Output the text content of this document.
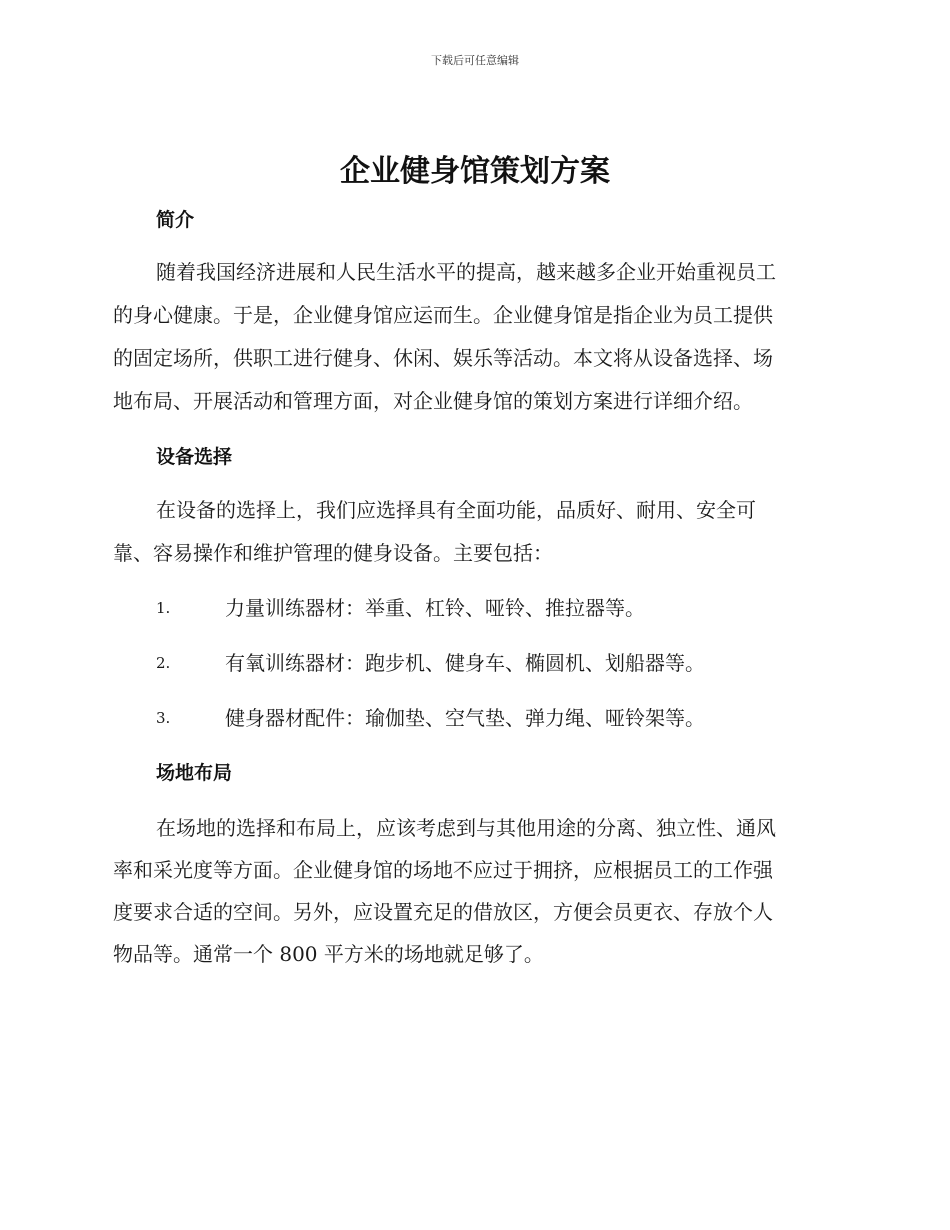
下载后可任意编辑
企业健身馆策划方案
简介

随着我国经济进展和人民生活水平的提高，越来越多企业开始重视员工

的身心健康。于是，企业健身馆应运而生。企业健身馆是指企业为员工提供

的固定场所，供职工进行健身、休闲、娱乐等活动。本文将从设备选择、场

地布局、开展活动和管理方面，对企业健身馆的策划方案进行详细介绍。

设备选择

在设备的选择上，我们应选择具有全面功能，品质好、耐用、安全可

靠、容易操作和维护管理的健身设备。主要包括：

1.	力量训练器材：举重、杠铃、哑铃、推拉器等。
2.	有氧训练器材：跑步机、健身车、椭圆机、划船器等。
3.	健身器材配件：瑜伽垫、空气垫、弹力绳、哑铃架等。
场地布局

在场地的选择和布局上，应该考虑到与其他用途的分离、独立性、通风

率和采光度等方面。企业健身馆的场地不应过于拥挤，应根据员工的工作强

度要求合适的空间。另外，应设置充足的借放区，方便会员更衣、存放个人

物品等。通常一个 800 平方米的场地就足够了。
